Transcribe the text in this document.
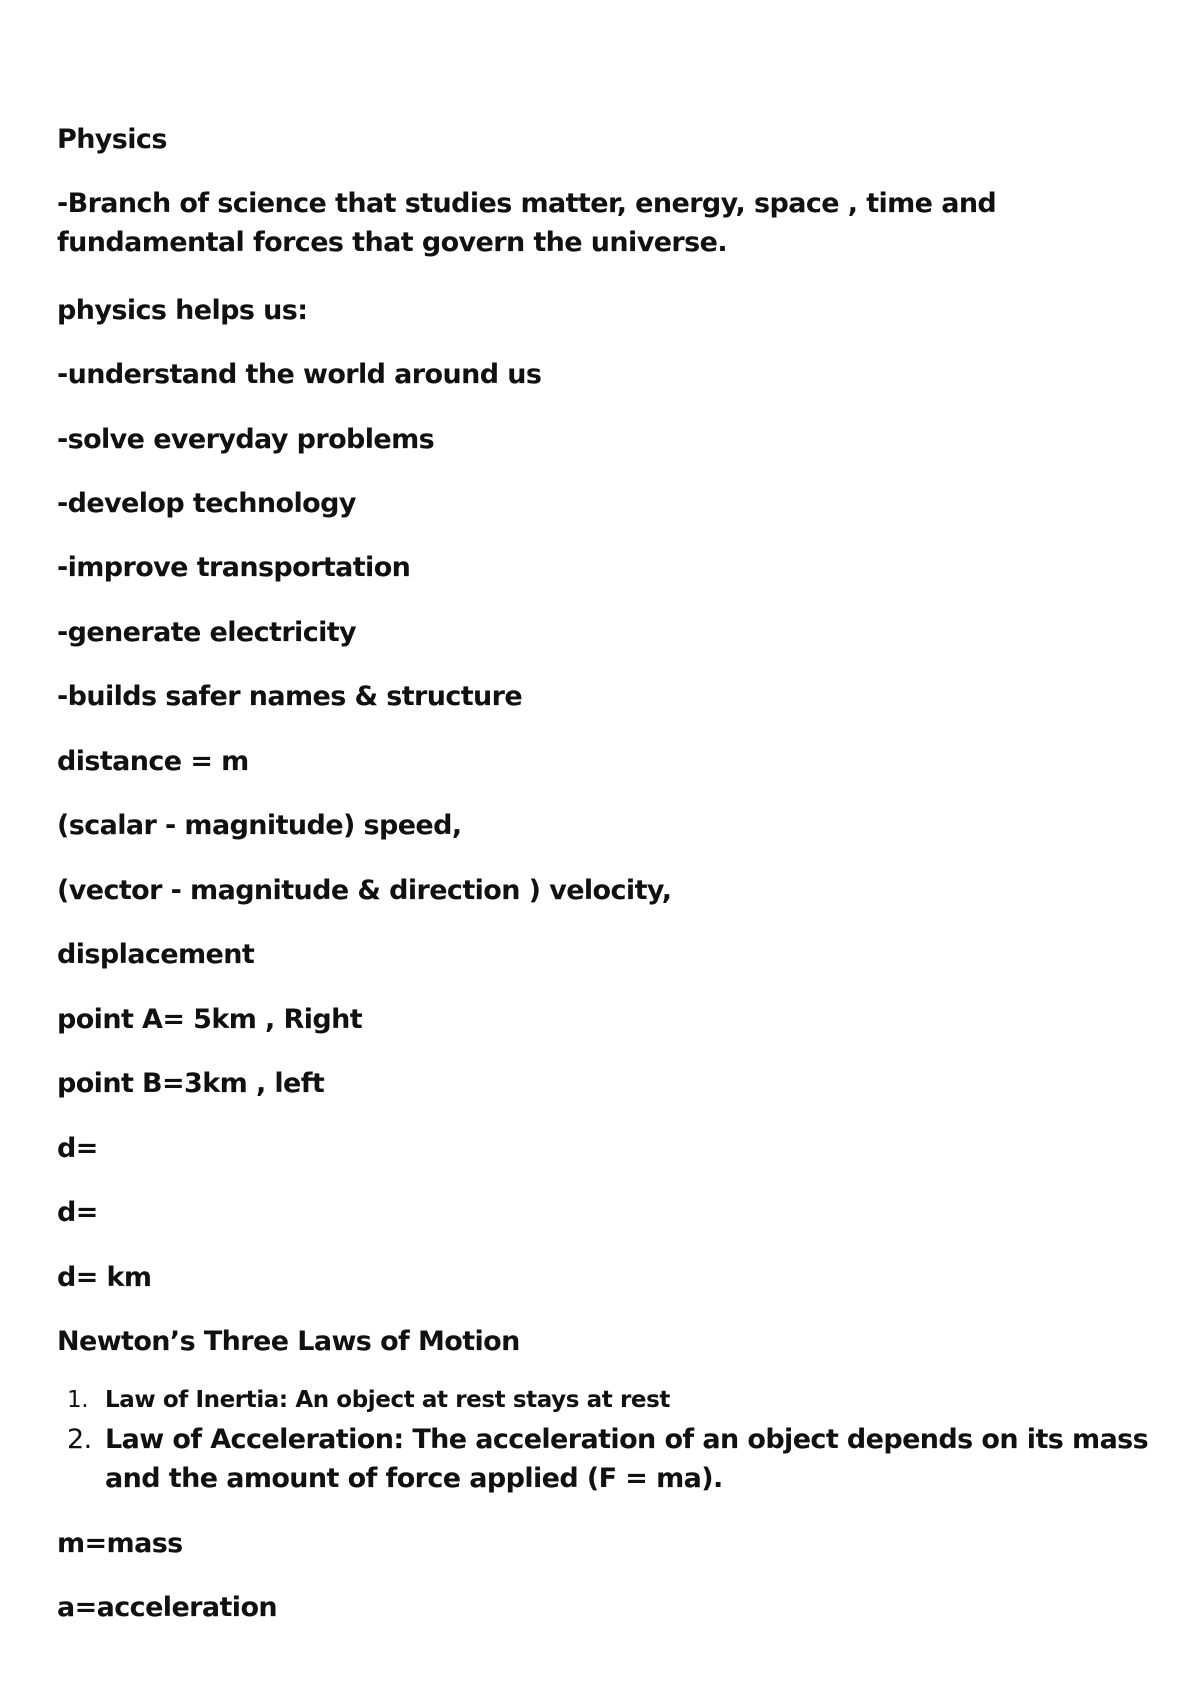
Physics

-Branch of science that studies matter, energy, space , time and fundamental forces that govern the universe.

physics helps us:

-understand the world around us

-solve everyday problems

-develop technology

-improve transportation

-generate electricity

-builds safer names & structure

distance = m

(scalar - magnitude) speed,

(vector - magnitude & direction ) velocity,

displacement

point A= 5km , Right

point B=3km , left

d=

d=

d= km

Newton’s Three Laws of Motion

1. Law of Inertia: An object at rest stays at rest
2. Law of Acceleration: The acceleration of an object depends on its mass and the amount of force applied (F = ma).

m=mass

a=acceleration
